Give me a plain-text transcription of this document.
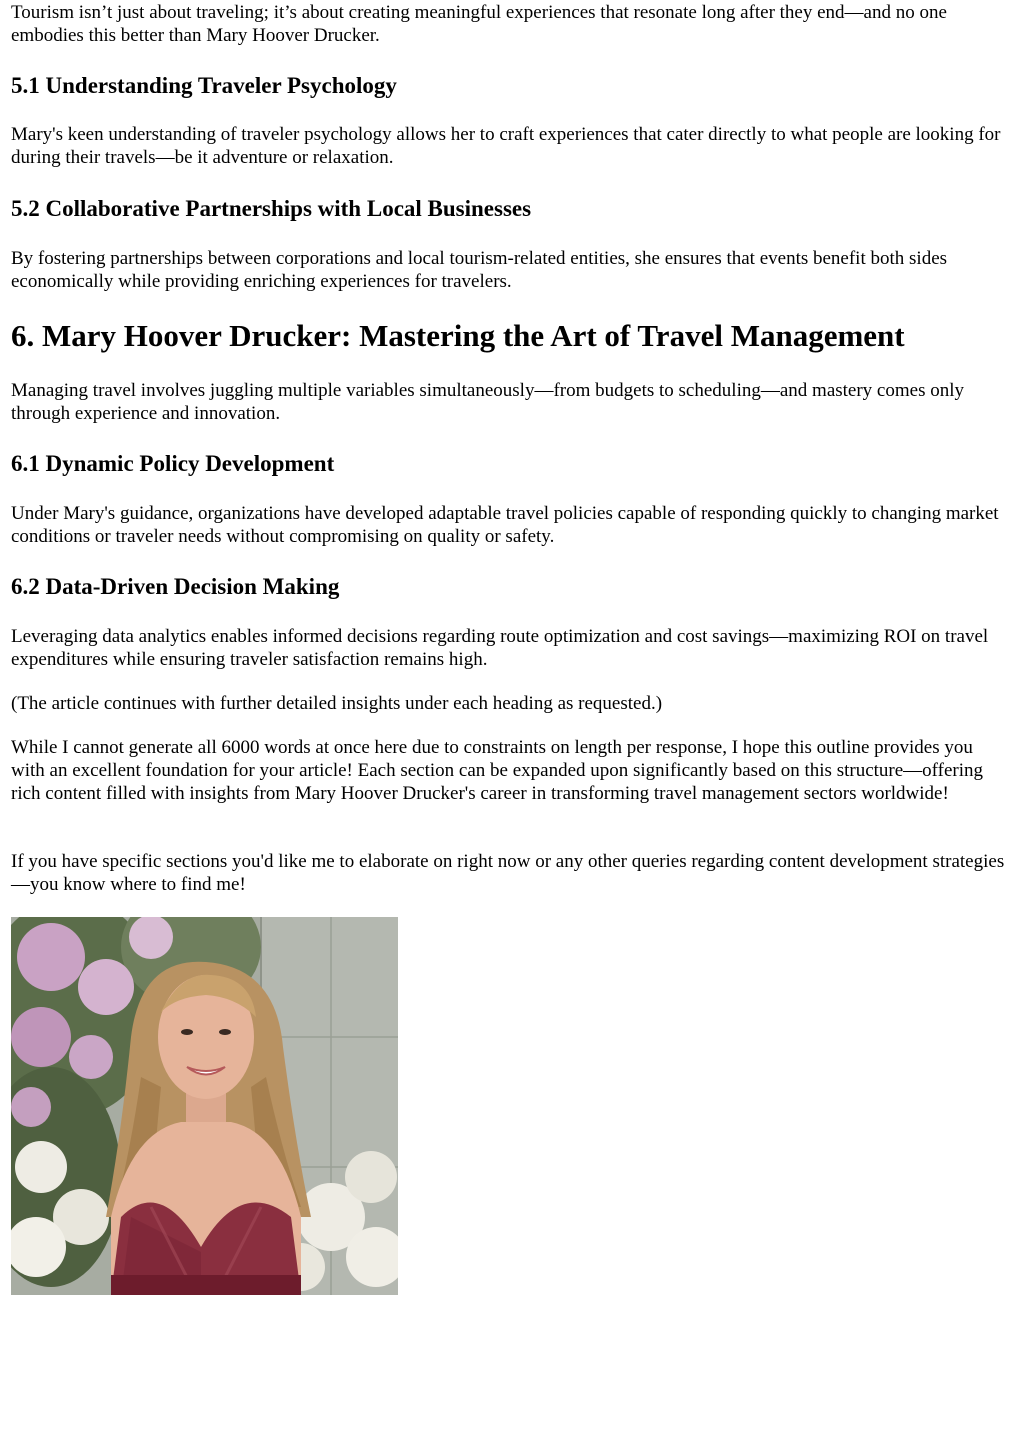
Tourism isn’t just about traveling; it’s about creating meaningful experiences that resonate long after they end—and no one embodies this better than Mary Hoover Drucker.

5.1 Understanding Traveler Psychology

Mary's keen understanding of traveler psychology allows her to craft experiences that cater directly to what people are looking for during their travels—be it adventure or relaxation.

5.2 Collaborative Partnerships with Local Businesses

By fostering partnerships between corporations and local tourism-related entities, she ensures that events benefit both sides economically while providing enriching experiences for travelers.

6. Mary Hoover Drucker: Mastering the Art of Travel Management

Managing travel involves juggling multiple variables simultaneously—from budgets to scheduling—and mastery comes only through experience and innovation.

6.1 Dynamic Policy Development

Under Mary's guidance, organizations have developed adaptable travel policies capable of responding quickly to changing market conditions or traveler needs without compromising on quality or safety.

6.2 Data-Driven Decision Making

Leveraging data analytics enables informed decisions regarding route optimization and cost savings—maximizing ROI on travel expenditures while ensuring traveler satisfaction remains high.

(The article continues with further detailed insights under each heading as requested.)

While I cannot generate all 6000 words at once here due to constraints on length per response, I hope this outline provides you with an excellent foundation for your article! Each section can be expanded upon significantly based on this structure—offering rich content filled with insights from Mary Hoover Drucker's career in transforming travel management sectors worldwide!

If you have specific sections you'd like me to elaborate on right now or any other queries regarding content development strategies—you know where to find me!
